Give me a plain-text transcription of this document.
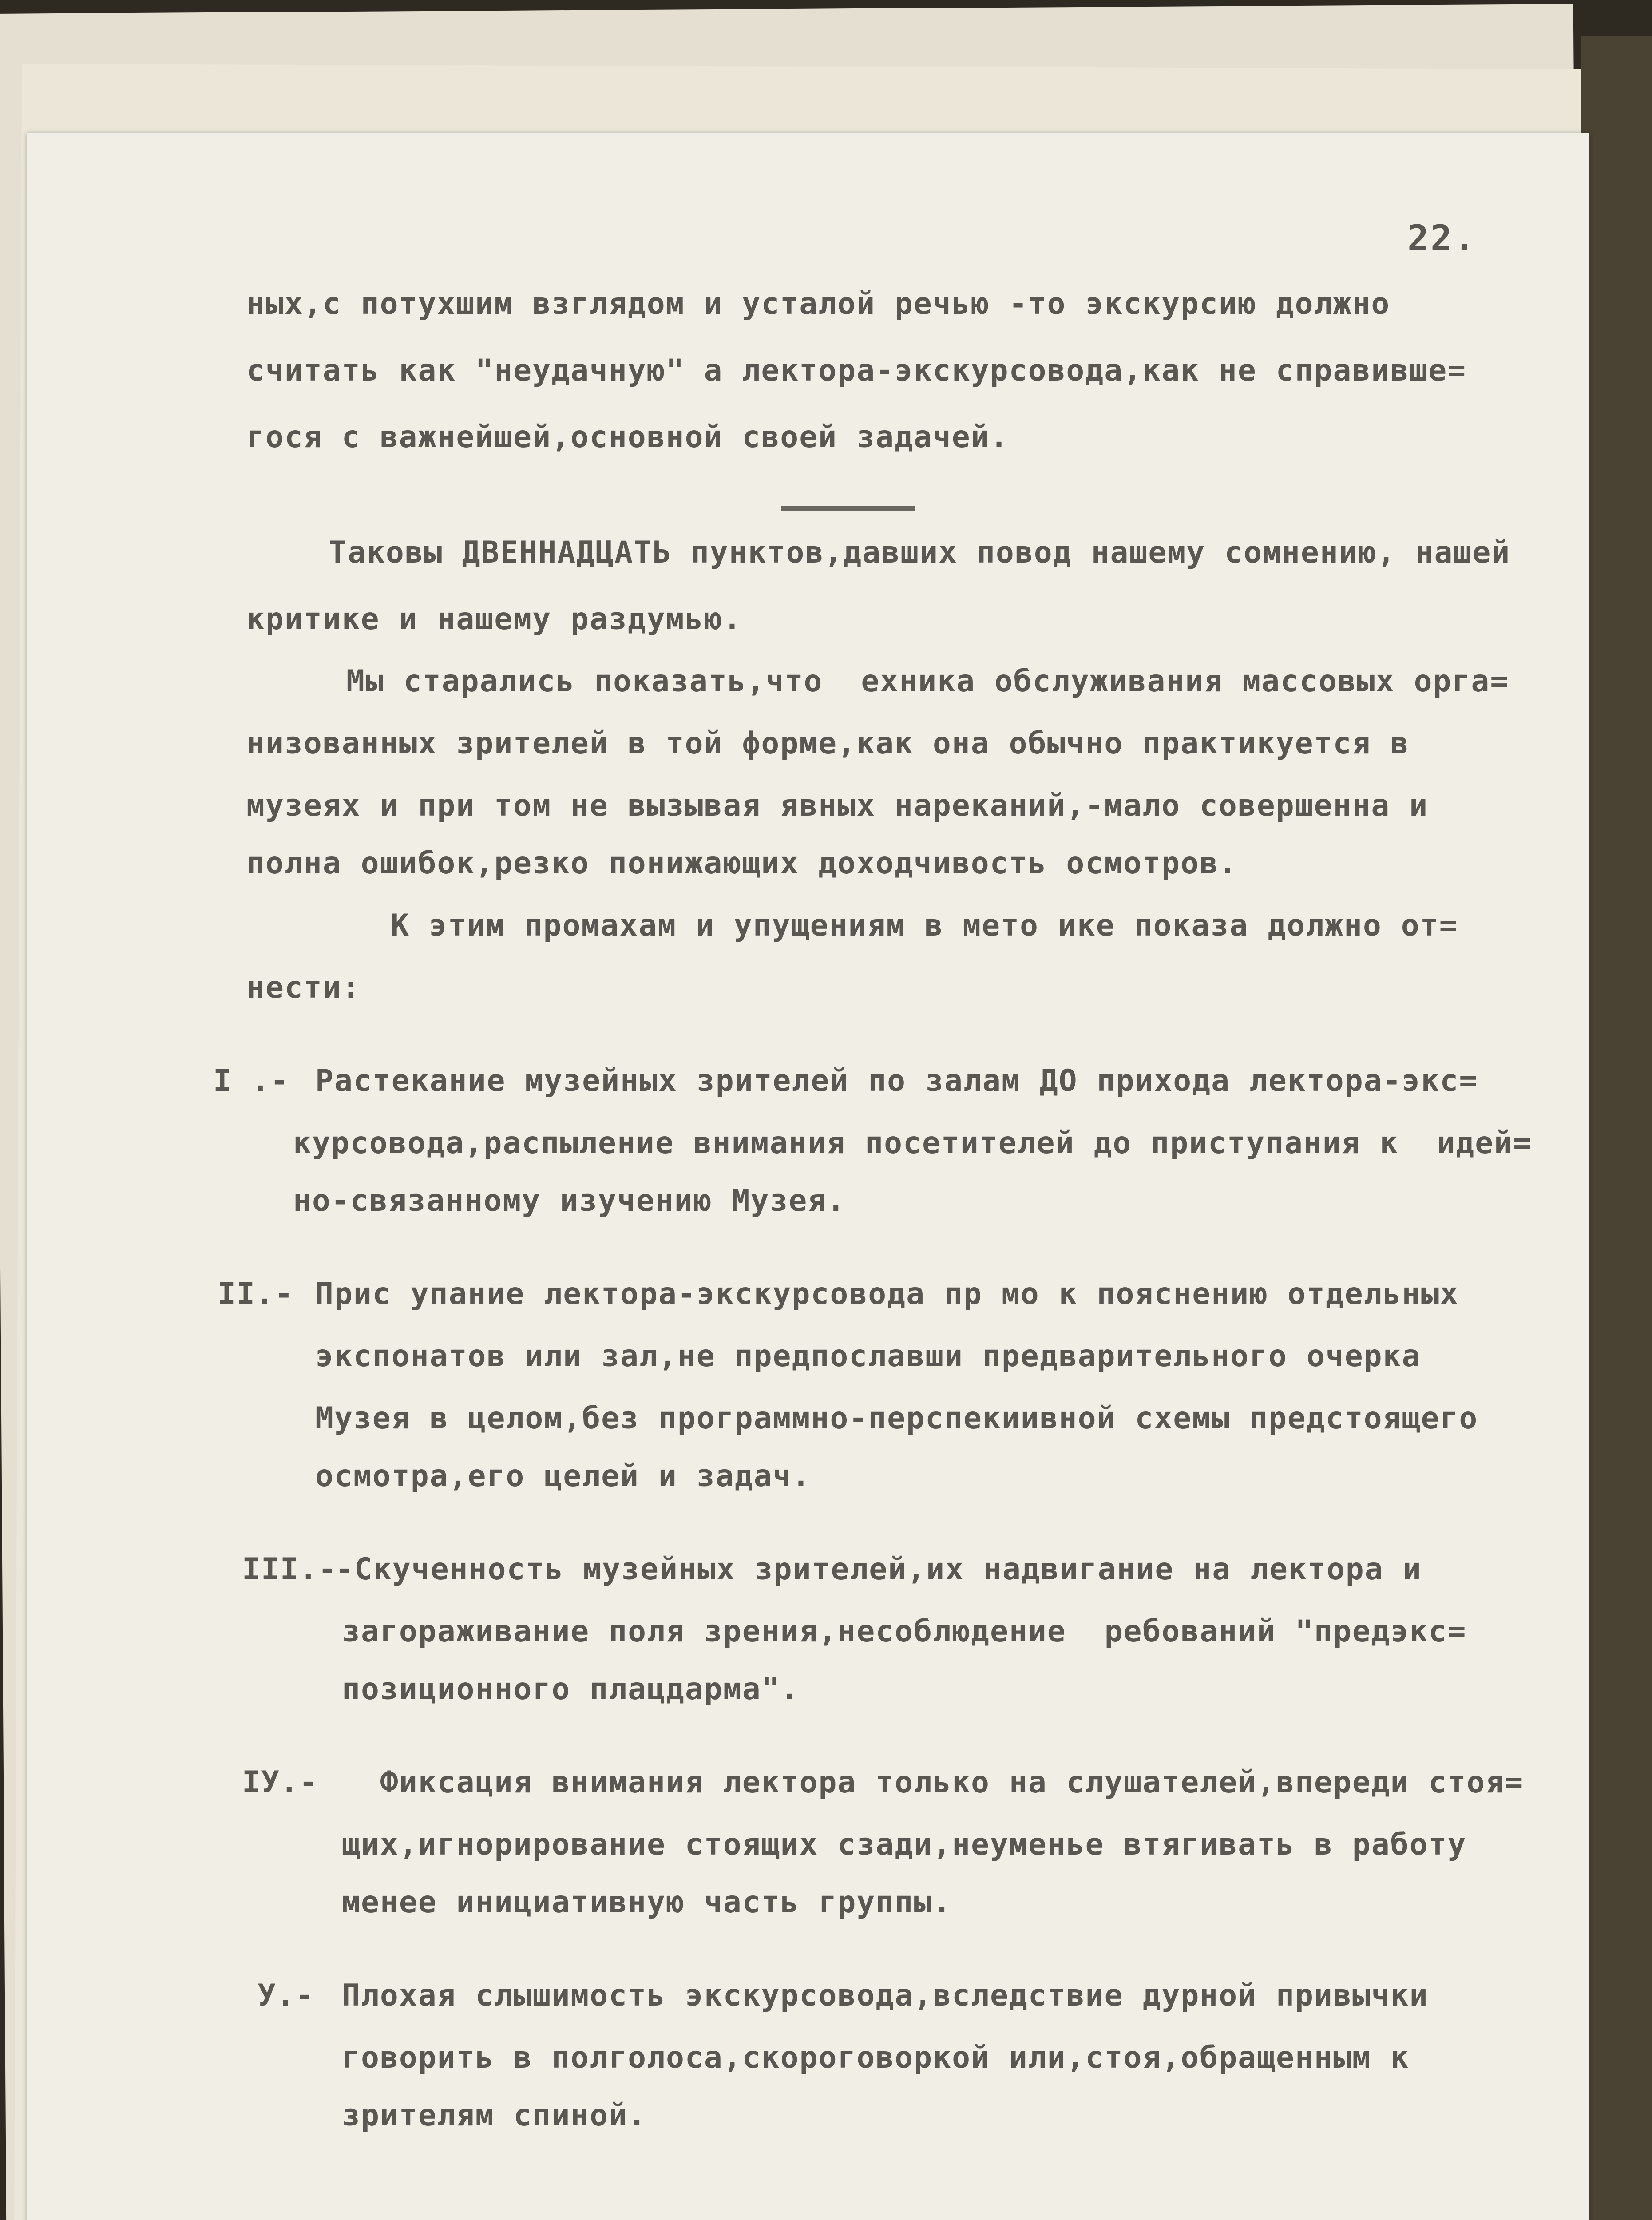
22.
ных,с потухшим взглядом и усталой речью -то экскурсию должно
считать как "неудачную" а лектора-экскурсовода,как не справивше=
гося с важнейшей,основной своей задачей.
Таковы ДВЕННАДЦАТЬ пунктов,давших повод нашему сомнению, нашей
критике и нашему раздумью.
Мы старались показать,что  ехника обслуживания массовых орга=
низованных зрителей в той форме,как она обычно практикуется в
музеях и при том не вызывая явных нареканий,-мало совершенна и
полна ошибок,резко понижающих доходчивость осмотров.
К этим промахам и упущениям в мето ике показа должно от=
нести:
I .- Растекание музейных зрителей по залам ДО прихода лектора-экс=
курсовода,распыление внимания посетителей до приступания к  идей=
но-связанному изучению Музея.
II.- Прис упание лектора-экскурсовода пр мо к пояснению отдельных
экспонатов или зал,не предпославши предварительного очерка
Музея в целом,без программно-перспекиивной схемы предстоящего
осмотра,его целей и задач.
III.-
-Скученность музейных зрителей,их надвигание на лектора и
загораживание поля зрения,несоблюдение  ребований "предэкс=
позиционного плацдарма".
IУ.- Фиксация внимания лектора только на слушателей,впереди стоя=
щих,игнорирование стоящих сзади,неуменье втягивать в работу
менее инициативную часть группы.
У.- Плохая слышимость экскурсовода,вследствие дурной привычки
говорить в полголоса,скороговоркой или,стоя,обращенным к
зрителям спиной.
